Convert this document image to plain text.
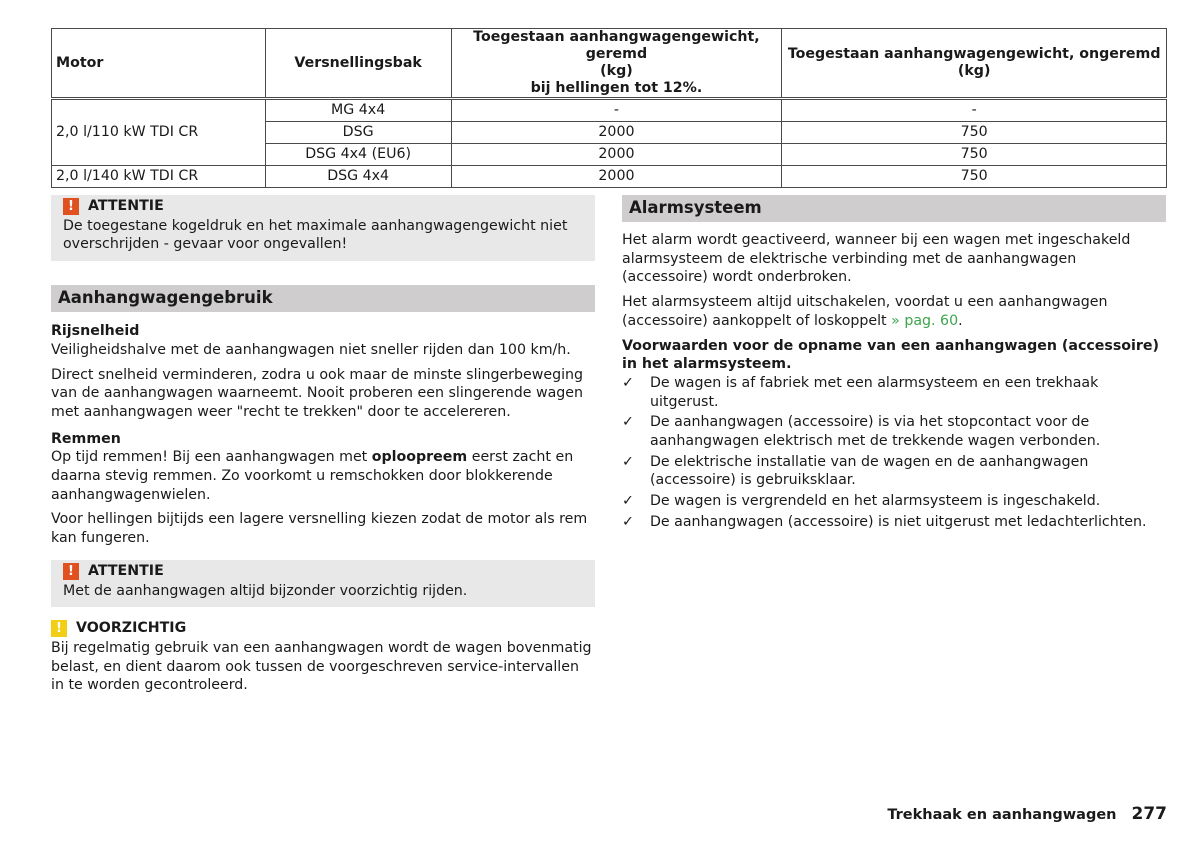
Motor	Versnellingsbak	Toegestaan aanhangwagengewicht, geremd
(kg)
bij hellingen tot 12%.	Toegestaan aanhangwagengewicht, ongeremd (kg)
2,0 l/110 kW TDI CR	MG 4x4	-	-
	DSG	2000	750
	DSG 4x4 (EU6)	2000	750
2,0 l/140 kW TDI CR	DSG 4x4	2000	750
! ATTENTIE

De toegestane kogeldruk en het maximale aanhangwagengewicht niet overschrijden - gevaar voor ongevallen!

Aanhangwagengebruik

Rijsnelheid

Veiligheidshalve met de aanhangwagen niet sneller rijden dan 100 km/h.

Direct snelheid verminderen, zodra u ook maar de minste slingerbeweging van de aanhangwagen waarneemt. Nooit proberen een slingerende wagen met aanhangwagen weer "recht te trekken" door te accelereren.

Remmen

Op tijd remmen! Bij een aanhangwagen met oploopreem eerst zacht en daarna stevig remmen. Zo voorkomt u remschokken door blokkerende aanhangwagenwielen.

Voor hellingen bijtijds een lagere versnelling kiezen zodat de motor als rem kan fungeren.

! ATTENTIE

Met de aanhangwagen altijd bijzonder voorzichtig rijden.

! VOORZICHTIG

Bij regelmatig gebruik van een aanhangwagen wordt de wagen bovenmatig belast, en dient daarom ook tussen de voorgeschreven service-intervallen in te worden gecontroleerd.

Alarmsysteem

Het alarm wordt geactiveerd, wanneer bij een wagen met ingeschakeld alarmsysteem de elektrische verbinding met de aanhangwagen (accessoire) wordt onderbroken.

Het alarmsysteem altijd uitschakelen, voordat u een aanhangwagen (accessoire) aankoppelt of loskoppelt » pag. 60.

Voorwaarden voor de opname van een aanhangwagen (accessoire) in het alarmsysteem.

✓	De wagen is af fabriek met een alarmsysteem en een trekhaak uitgerust.
✓	De aanhangwagen (accessoire) is via het stopcontact voor de aanhangwagen elektrisch met de trekkende wagen verbonden.
✓	De elektrische installatie van de wagen en de aanhangwagen (accessoire) is gebruiksklaar.
✓	De wagen is vergrendeld en het alarmsysteem is ingeschakeld.
✓	De aanhangwagen (accessoire) is niet uitgerust met ledachterlichten.
Trekhaak en aanhangwagen 277
